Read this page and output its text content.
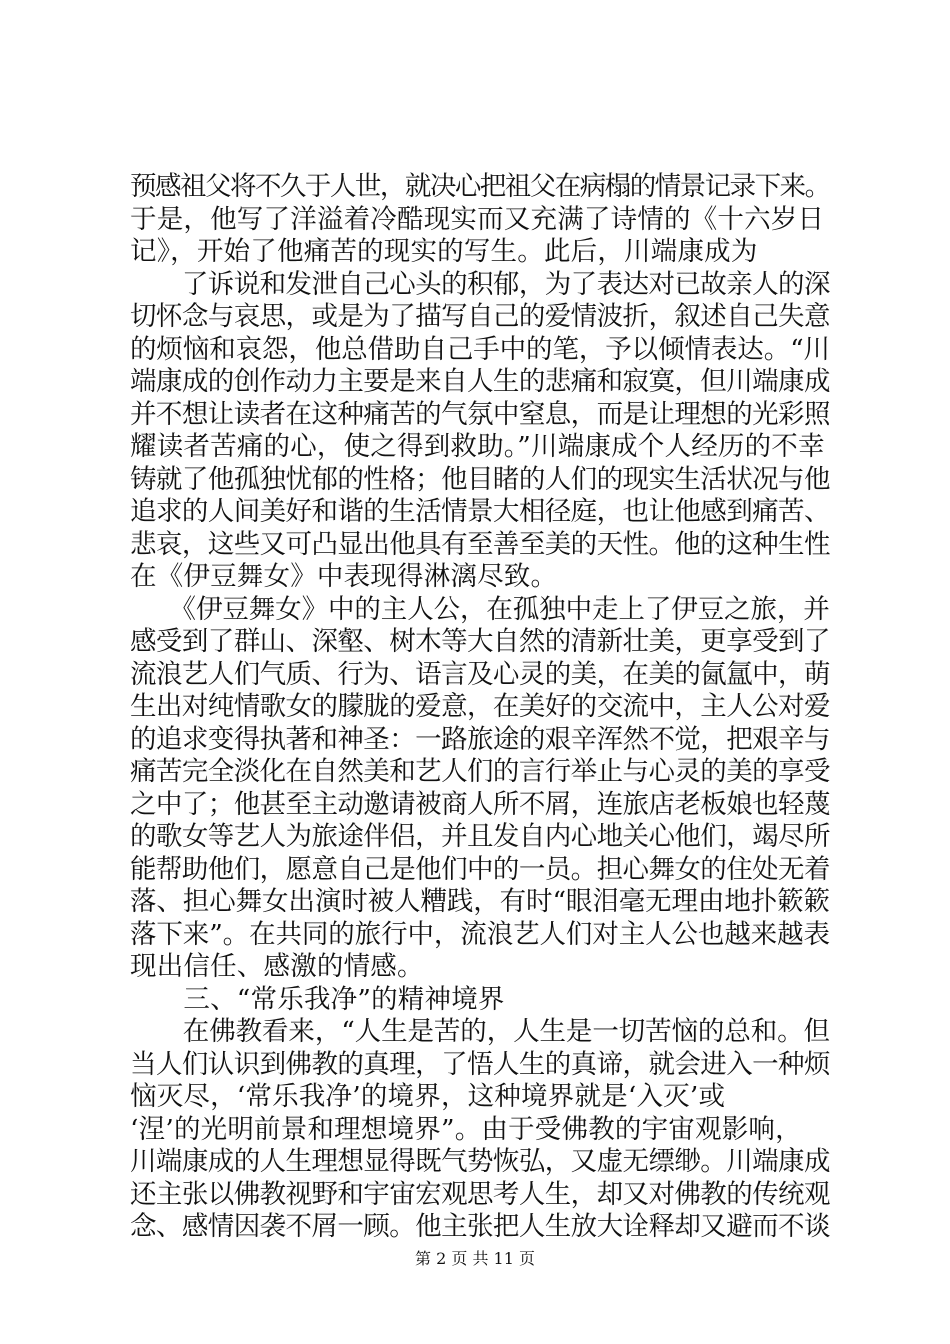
预感祖父将不久于人世，就决心把祖父在病榻的情景记录下来。
于是，他写了洋溢着冷酷现实而又充满了诗情的《十六岁日
记》，开始了他痛苦的现实的写生。此后，川端康成为
　　了诉说和发泄自己心头的积郁，为了表达对已故亲人的深
切怀念与哀思，或是为了描写自己的爱情波折，叙述自己失意
的烦恼和哀怨，他总借助自己手中的笔，予以倾情表达。“川
端康成的创作动力主要是来自人生的悲痛和寂寞，但川端康成
并不想让读者在这种痛苦的气氛中窒息，而是让理想的光彩照
耀读者苦痛的心，使之得到救助。”川端康成个人经历的不幸
铸就了他孤独忧郁的性格；他目睹的人们的现实生活状况与他
追求的人间美好和谐的生活情景大相径庭，也让他感到痛苦、
悲哀，这些又可凸显出他具有至善至美的天性。他的这种生性
在《伊豆舞女》中表现得淋漓尽致。
　　《伊豆舞女》中的主人公，在孤独中走上了伊豆之旅，并
感受到了群山、深壑、树木等大自然的清新壮美，更享受到了
流浪艺人们气质、行为、语言及心灵的美，在美的氤氲中，萌
生出对纯情歌女的朦胧的爱意，在美好的交流中，主人公对爱
的追求变得执著和神圣：一路旅途的艰辛浑然不觉，把艰辛与
痛苦完全淡化在自然美和艺人们的言行举止与心灵的美的享受
之中了；他甚至主动邀请被商人所不屑，连旅店老板娘也轻蔑
的歌女等艺人为旅途伴侣，并且发自内心地关心他们，竭尽所
能帮助他们，愿意自己是他们中的一员。担心舞女的住处无着
落、担心舞女出演时被人糟践，有时“眼泪毫无理由地扑簌簌
落下来”。在共同的旅行中，流浪艺人们对主人公也越来越表
现出信任、感激的情感。
　　三、“常乐我净”的精神境界
　　在佛教看来，“人生是苦的，人生是一切苦恼的总和。但
当人们认识到佛教的真理，了悟人生的真谛，就会进入一种烦
恼灭尽，‘常乐我净’的境界，这种境界就是‘入灭’或
‘涅’的光明前景和理想境界”。由于受佛教的宇宙观影响，
川端康成的人生理想显得既气势恢弘，又虚无缥缈。川端康成
还主张以佛教视野和宇宙宏观思考人生，却又对佛教的传统观
念、感情因袭不屑一顾。他主张把人生放大诠释却又避而不谈
第 2 页 共 11 页
